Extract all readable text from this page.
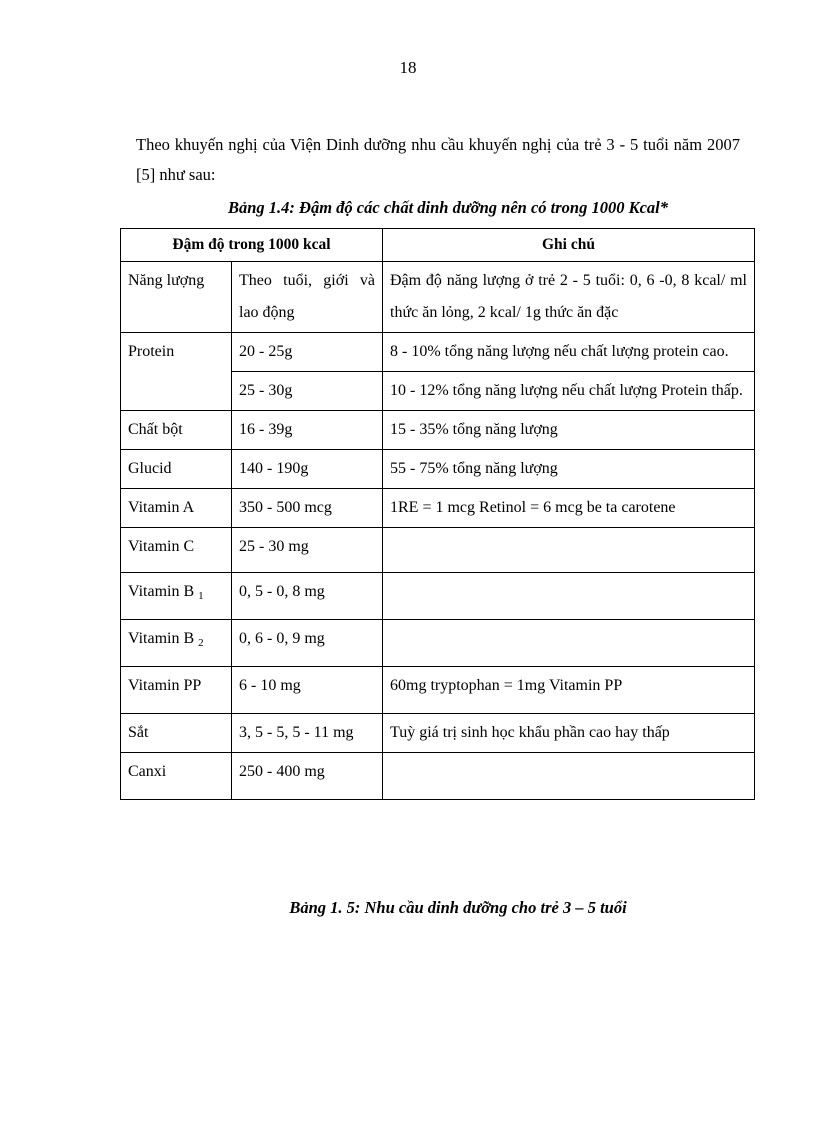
18

Theo khuyến nghị của Viện Dinh dưỡng nhu cầu khuyến nghị của trẻ 3 - 5 tuổi năm 2007 [5] như sau:

Bảng 1.4: Đậm độ các chất dinh dưỡng nên có trong 1000 Kcal*
Đậm độ trong 1000 kcal		Ghi chú
Năng lượng	Theo tuổi, giới và lao động	Đậm độ năng lượng ở trẻ 2 - 5 tuổi: 0, 6 -0, 8 kcal/ ml thức ăn lỏng, 2 kcal/ 1g thức ăn đặc
Protein	20 - 25g	8 - 10% tổng năng lượng nếu chất lượng protein cao.
	25 - 30g	10 - 12% tổng năng lượng nếu chất lượng Protein thấp.
Chất bột	16 - 39g	15 - 35% tổng năng lượng
Glucid	140 - 190g	55 - 75% tổng năng lượng
Vitamin A	350 - 500 mcg	1RE = 1 mcg Retinol = 6 mcg be ta carotene
Vitamin C	25 - 30 mg	
Vitamin B $_1$	0, 5 - 0, 8 mg	
Vitamin B $_2$	0, 6 - 0, 9 mg	
Vitamin PP	6 - 10 mg	60mg tryptophan = 1mg Vitamin PP
Sắt	3, 5 - 5, 5 - 11 mg	Tuỳ giá trị sinh học khẩu phần cao hay thấp
Canxi	250 - 400 mg	
Bảng 1. 5: Nhu cầu dinh dưỡng cho trẻ 3 – 5 tuổi
